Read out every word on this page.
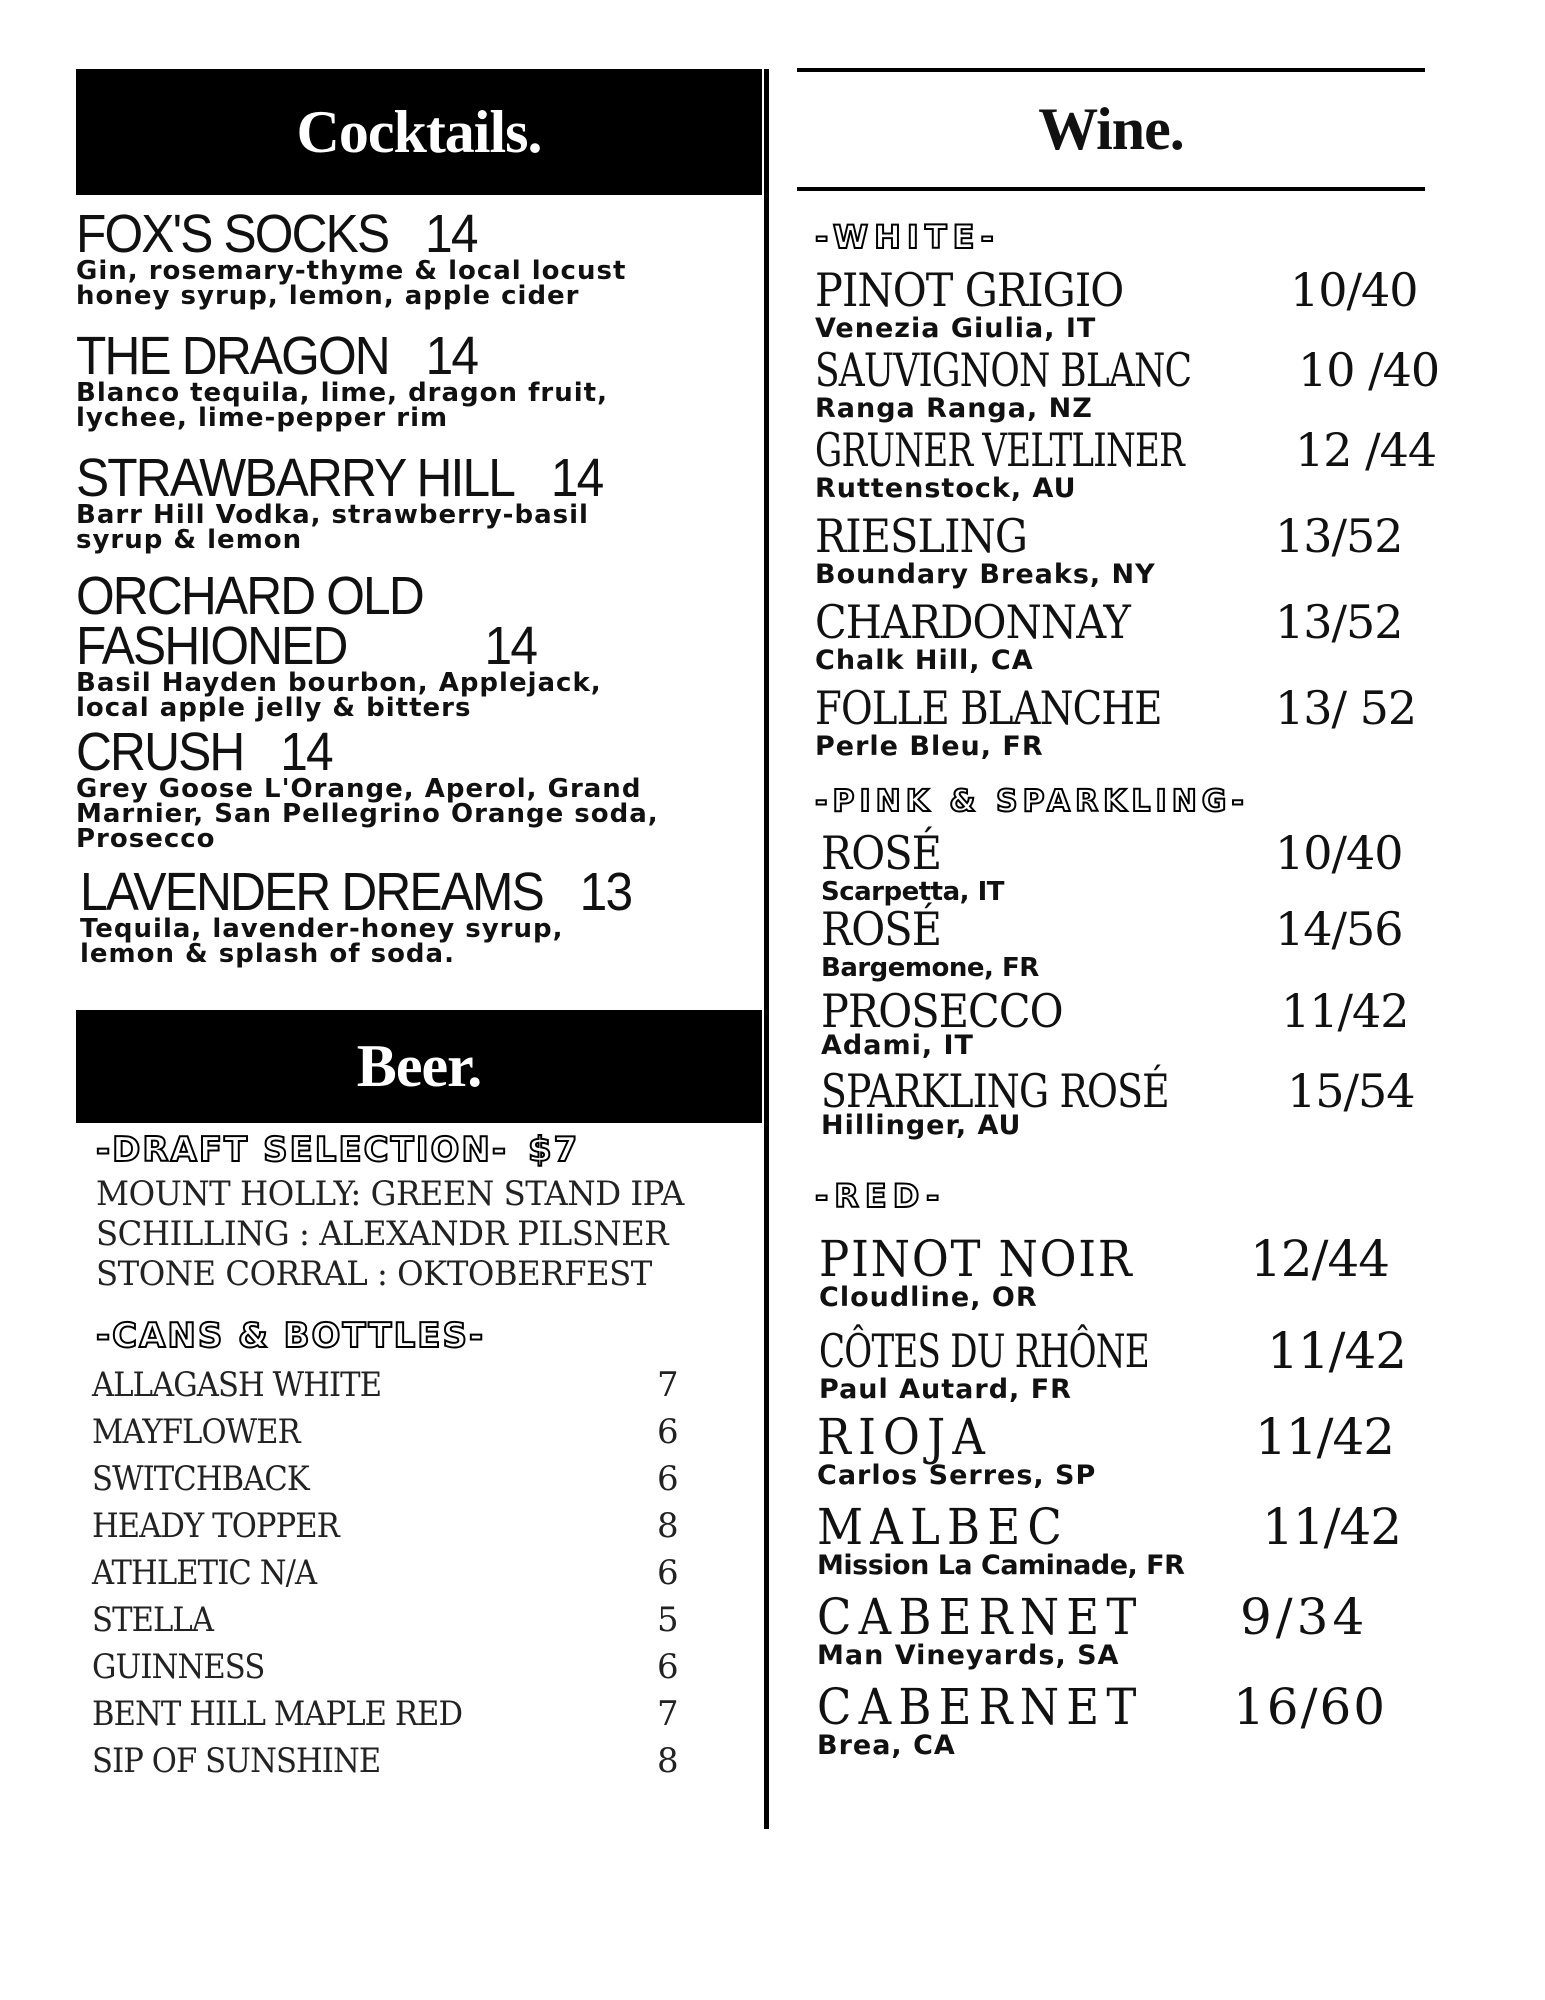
Cocktails.
FOX'S SOCKS 14
Gin, rosemary-thyme & local locust
honey syrup, lemon, apple cider
THE DRAGON 14
Blanco tequila, lime, dragon fruit,
lychee, lime-pepper rim
STRAWBARRY HILL 14
Barr Hill Vodka, strawberry-basil
syrup & lemon
ORCHARD OLD
FASHIONED	14
Basil Hayden bourbon, Applejack,
local apple jelly & bitters
CRUSH 14
Grey Goose L'Orange, Aperol, Grand
Marnier, San Pellegrino Orange soda,
Prosecco
LAVENDER DREAMS 13
Tequila, lavender-honey syrup,
lemon & splash of soda.
Beer.
-DRAFT SELECTION- $7
MOUNT HOLLY: GREEN STAND IPA
SCHILLING : ALEXANDR PILSNER
STONE CORRAL : OKTOBERFEST
-CANS & BOTTLES-
ALLAGASH WHITE	7
MAYFLOWER	6
SWITCHBACK	6
HEADY TOPPER	8
ATHLETIC N/A	6
STELLA	5
GUINNESS	6
BENT HILL MAPLE RED	7
SIP OF SUNSHINE	8
Wine.
-WHITE-
PINOT GRIGIO	10/40
Venezia Giulia, IT
SAUVIGNON BLANC	10 /40
Ranga Ranga, NZ
GRUNER VELTLINER	12 /44
Ruttenstock, AU
RIESLING	13/52
Boundary Breaks, NY
CHARDONNAY	13/52
Chalk Hill, CA
FOLLE BLANCHE	13/ 52
Perle Bleu, FR
-PINK & SPARKLING-
ROSÉ	10/40
Scarpetta, IT
ROSÉ	14/56
Bargemone, FR
PROSECCO	11/42
Adami, IT
SPARKLING ROSÉ	15/54
Hillinger, AU
-RED-
PINOT NOIR	12/44
Cloudline, OR
CÔTES DU RHÔNE	11/42
Paul Autard, FR
RIOJA	11/42
Carlos Serres, SP
MALBEC	11/42
Mission La Caminade, FR
CABERNET	9/34
Man Vineyards, SA
CABERNET	16/60
Brea, CA
